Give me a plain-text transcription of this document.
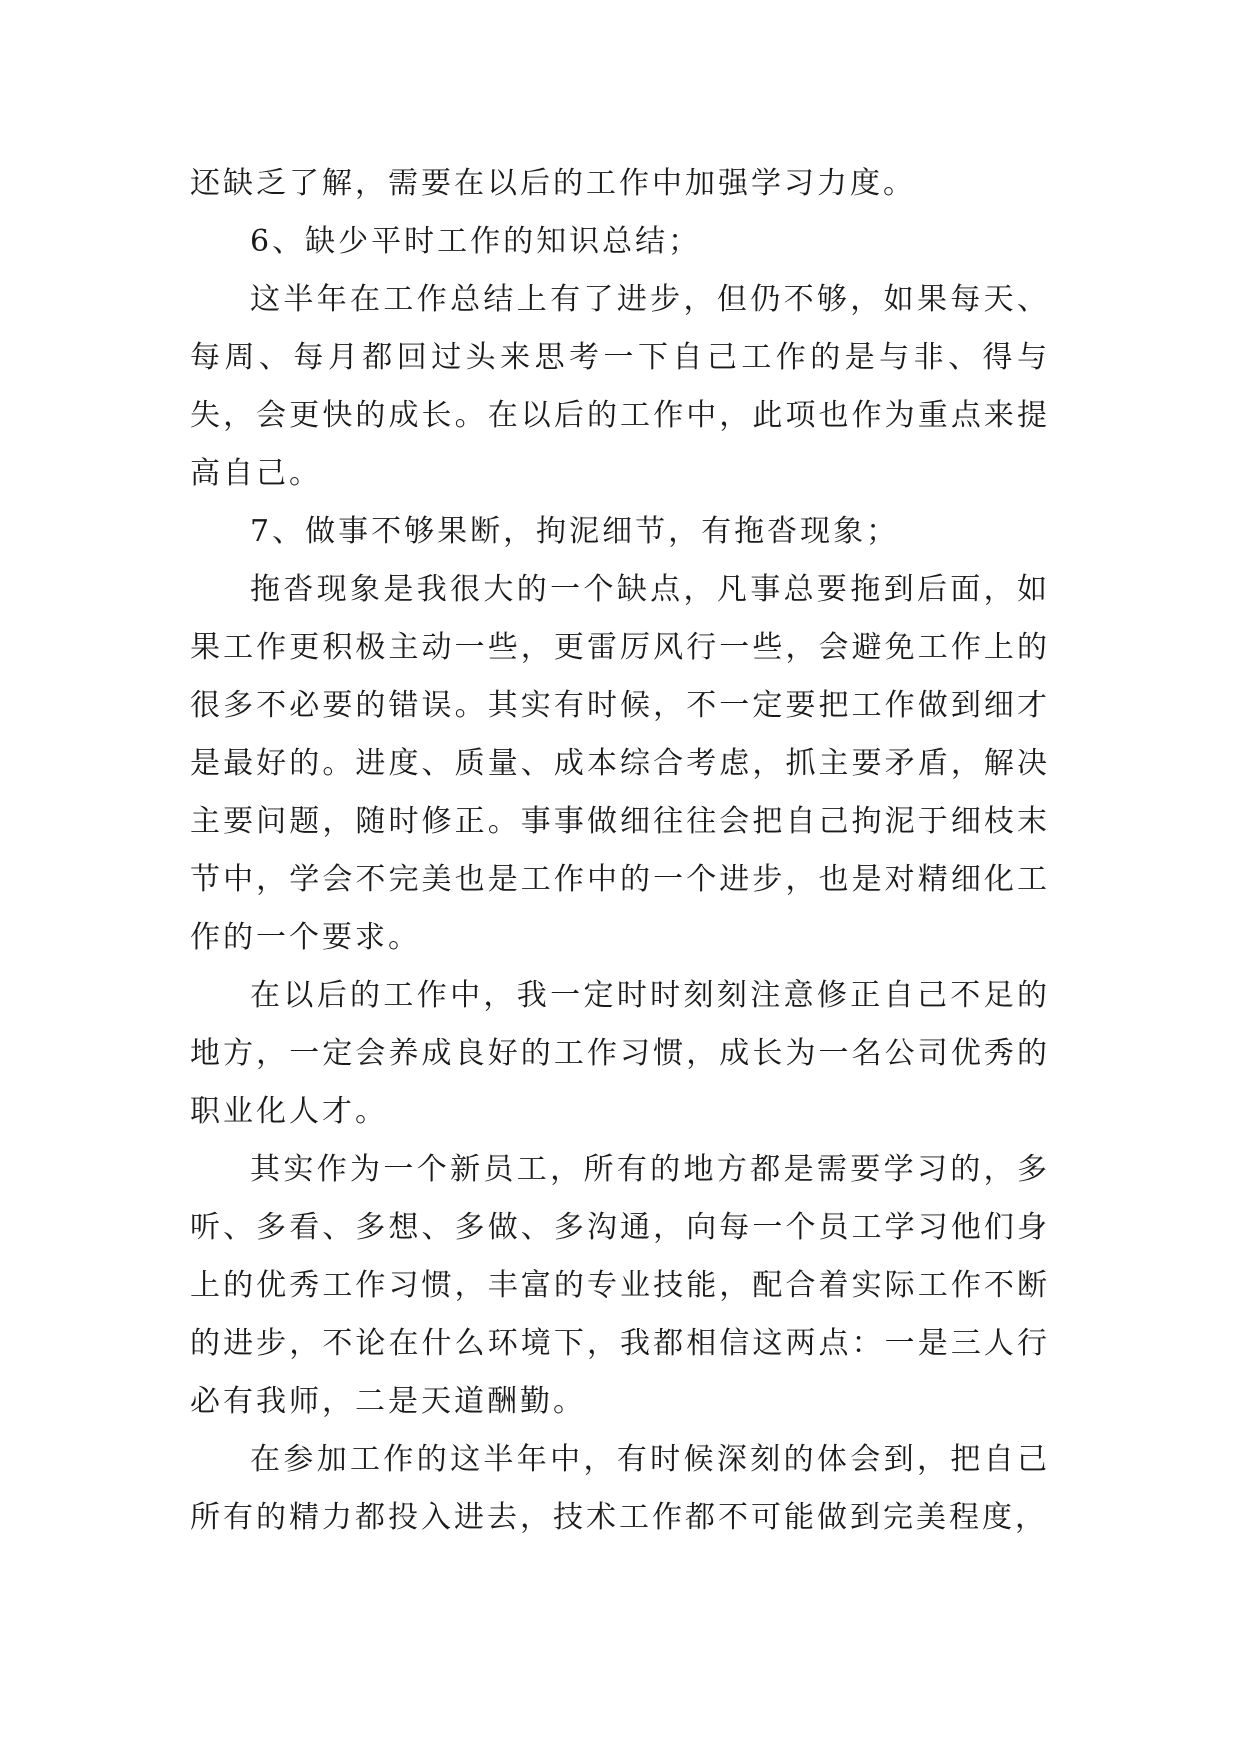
还缺乏了解，需要在以后的工作中加强学习力度。

6、缺少平时工作的知识总结；

这半年在工作总结上有了进步，但仍不够，如果每天、每周、每月都回过头来思考一下自己工作的是与非、得与失，会更快的成长。在以后的工作中，此项也作为重点来提高自己。

7、做事不够果断，拘泥细节，有拖沓现象；

拖沓现象是我很大的一个缺点，凡事总要拖到后面，如果工作更积极主动一些，更雷厉风行一些，会避免工作上的很多不必要的错误。其实有时候，不一定要把工作做到细才是最好的。进度、质量、成本综合考虑，抓主要矛盾，解决主要问题，随时修正。事事做细往往会把自己拘泥于细枝末节中，学会不完美也是工作中的一个进步，也是对精细化工作的一个要求。

在以后的工作中，我一定时时刻刻注意修正自己不足的地方，一定会养成良好的工作习惯，成长为一名公司优秀的职业化人才。

其实作为一个新员工，所有的地方都是需要学习的，多听、多看、多想、多做、多沟通，向每一个员工学习他们身上的优秀工作习惯，丰富的专业技能，配合着实际工作不断的进步，不论在什么环境下，我都相信这两点：一是三人行必有我师，二是天道酬勤。

在参加工作的这半年中，有时候深刻的体会到，把自己所有的精力都投入进去，技术工作都不可能做到完美程度，
